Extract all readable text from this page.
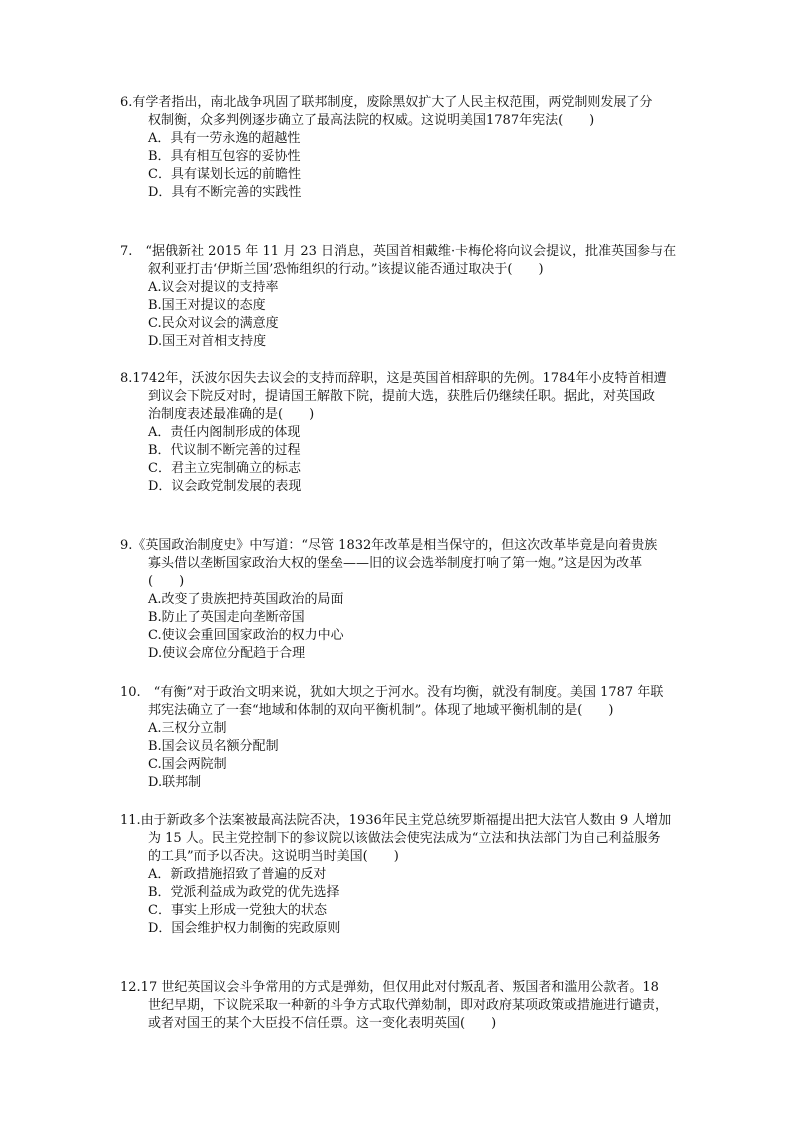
6.有学者指出，南北战争巩固了联邦制度，废除黑奴扩大了人民主权范围，两党制则发展了分
权制衡，众多判例逐步确立了最高法院的权威。这说明美国1787年宪法(　　)

A．具有一劳永逸的超越性
B．具有相互包容的妥协性
C．具有谋划长远的前瞻性
D．具有不断完善的实践性

7.　“据俄新社 2015 年 11 月 23 日消息，英国首相戴维·卡梅伦将向议会提议，批准英国参与在
叙利亚打击‘伊斯兰国’恐怖组织的行动。”该提议能否通过取决于(　　)

A.议会对提议的支持率
B.国王对提议的态度
C.民众对议会的满意度
D.国王对首相支持度

8.1742年，沃波尔因失去议会的支持而辞职，这是英国首相辞职的先例。1784年小皮特首相遭
到议会下院反对时，提请国王解散下院，提前大选，获胜后仍继续任职。据此，对英国政
治制度表述最准确的是(　　)

A．责任内阁制形成的体现
B．代议制不断完善的过程
C．君主立宪制确立的标志
D．议会政党制发展的表现

9.《英国政治制度史》中写道：“尽管 1832年改革是相当保守的，但这次改革毕竟是向着贵族
寡头借以垄断国家政治大权的堡垒——旧的议会选举制度打响了第一炮。”这是因为改革
(　　)

A.改变了贵族把持英国政治的局面
B.防止了英国走向垄断帝国
C.使议会重回国家政治的权力中心
D.使议会席位分配趋于合理

10.　“有衡”对于政治文明来说，犹如大坝之于河水。没有均衡，就没有制度。美国 1787 年联
邦宪法确立了一套“地域和体制的双向平衡机制”。体现了地域平衡机制的是(　　)

A.三权分立制
B.国会议员名额分配制
C.国会两院制
D.联邦制

11.由于新政多个法案被最高法院否决，1936年民主党总统罗斯福提出把大法官人数由 9 人增加
为 15 人。民主党控制下的参议院以该做法会使宪法成为“立法和执法部门为自己利益服务
的工具”而予以否决。这说明当时美国(　　)

A．新政措施招致了普遍的反对
B．党派利益成为政党的优先选择
C．事实上形成一党独大的状态
D．国会维护权力制衡的宪政原则

12.17 世纪英国议会斗争常用的方式是弹劾，但仅用此对付叛乱者、叛国者和滥用公款者。18
世纪早期，下议院采取一种新的斗争方式取代弹劾制，即对政府某项政策或措施进行谴责，
或者对国王的某个大臣投不信任票。这一变化表明英国(　　)
